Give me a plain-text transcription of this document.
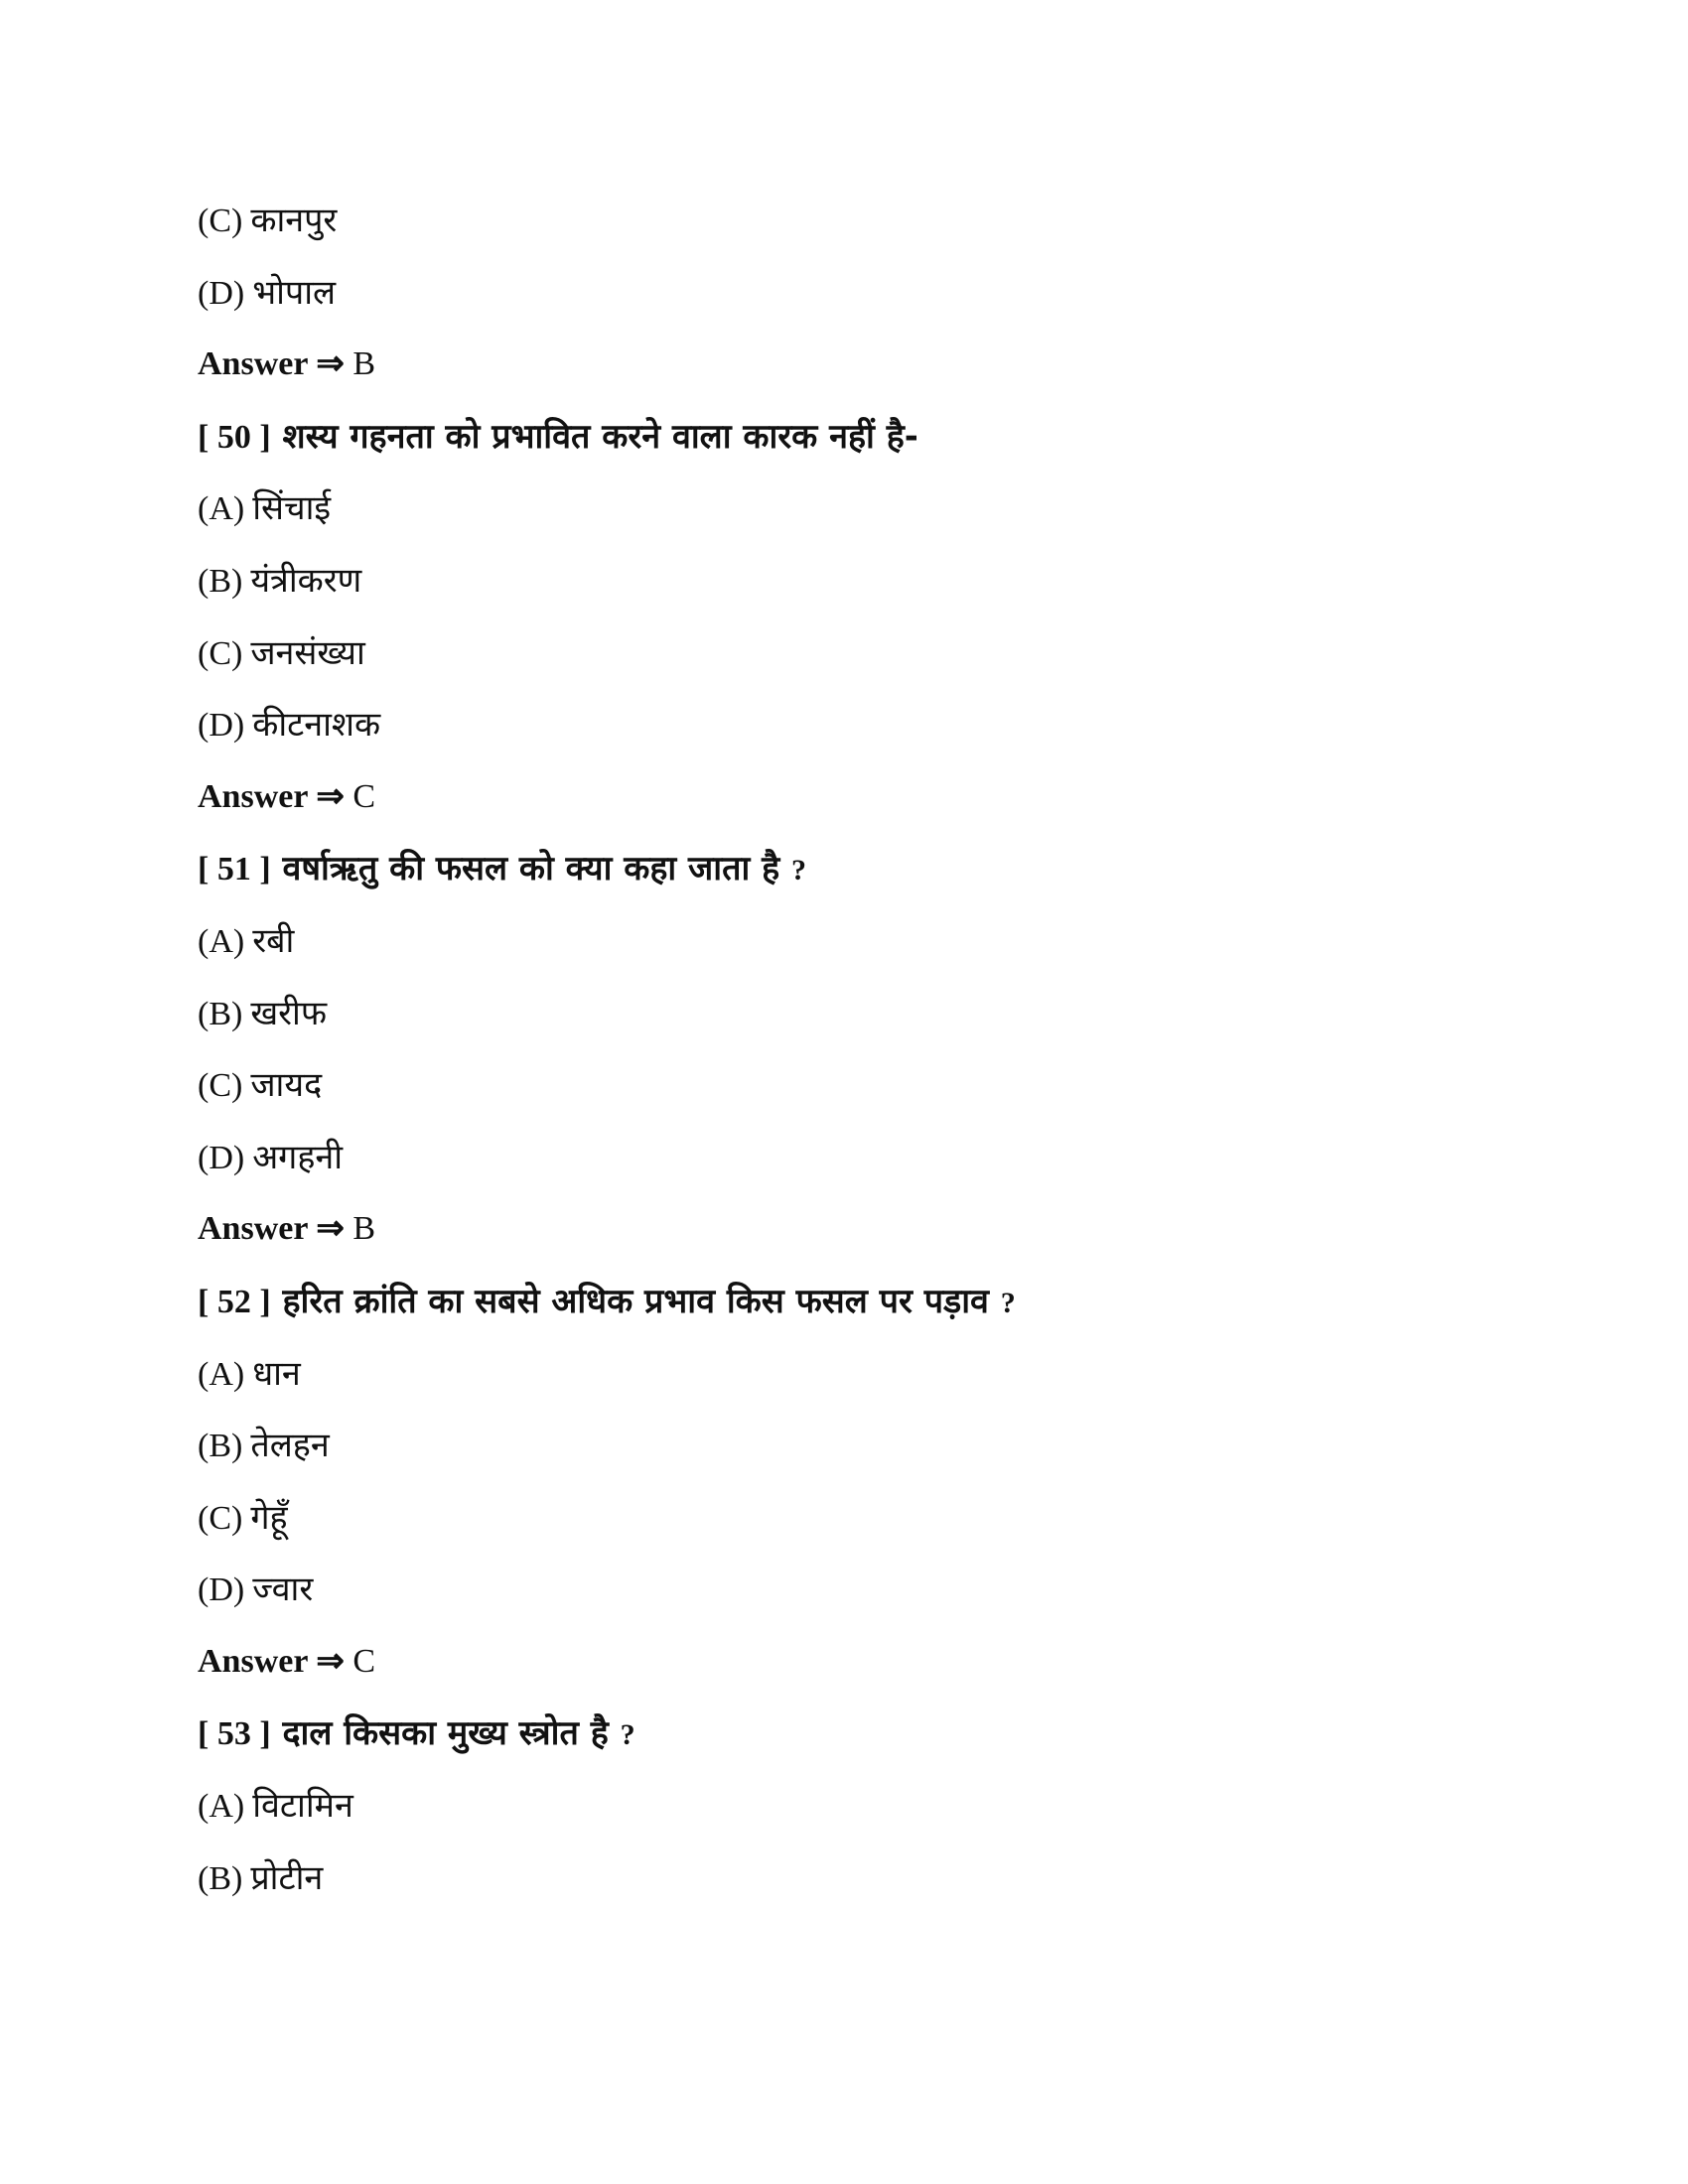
(C) कानपुर
(D) भोपाल
Answer ⇒ B
[ 50 ] शस्य गहनता को प्रभावित करने वाला कारक नहीं है-
(A) सिंचाई
(B) यंत्रीकरण
(C) जनसंख्या
(D) कीटनाशक
Answer ⇒ C
[ 51 ] वर्षाऋतु की फसल को क्या कहा जाता है ?
(A) रबी
(B) खरीफ
(C) जायद
(D) अगहनी
Answer ⇒ B
[ 52 ] हरित क्रांति का सबसे अधिक प्रभाव किस फसल पर पड़ाव ?
(A) धान
(B) तेलहन
(C) गेहूँ
(D) ज्वार
Answer ⇒ C
[ 53 ] दाल किसका मुख्य स्त्रोत है ?
(A) विटामिन
(B) प्रोटीन
